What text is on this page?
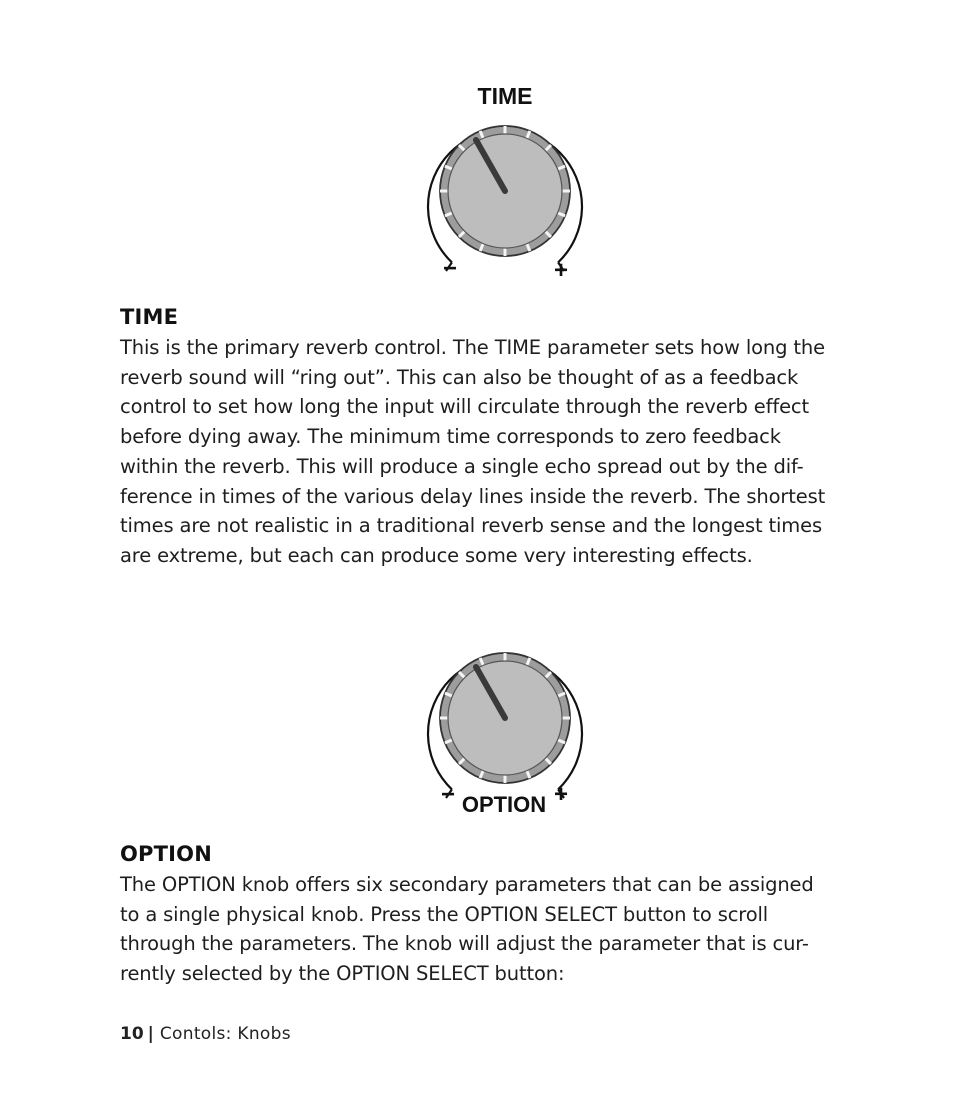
TIME
−	+
TIME

This is the primary reverb control. The TIME parameter sets how long the
reverb sound will “ring out”. This can also be thought of as a feedback
control to set how long the input will circulate through the reverb effect
before dying away. The minimum time corresponds to zero feedback
within the reverb. This will produce a single echo spread out by the dif-
ference in times of the various delay lines inside the reverb. The shortest
times are not realistic in a traditional reverb sense and the longest times
are extreme, but each can produce some very interesting effects.

− OPTION +
OPTION

The OPTION knob offers six secondary parameters that can be assigned
to a single physical knob. Press the OPTION SELECT button to scroll
through the parameters. The knob will adjust the parameter that is cur-
rently selected by the OPTION SELECT button:

10 | Contols: Knobs
